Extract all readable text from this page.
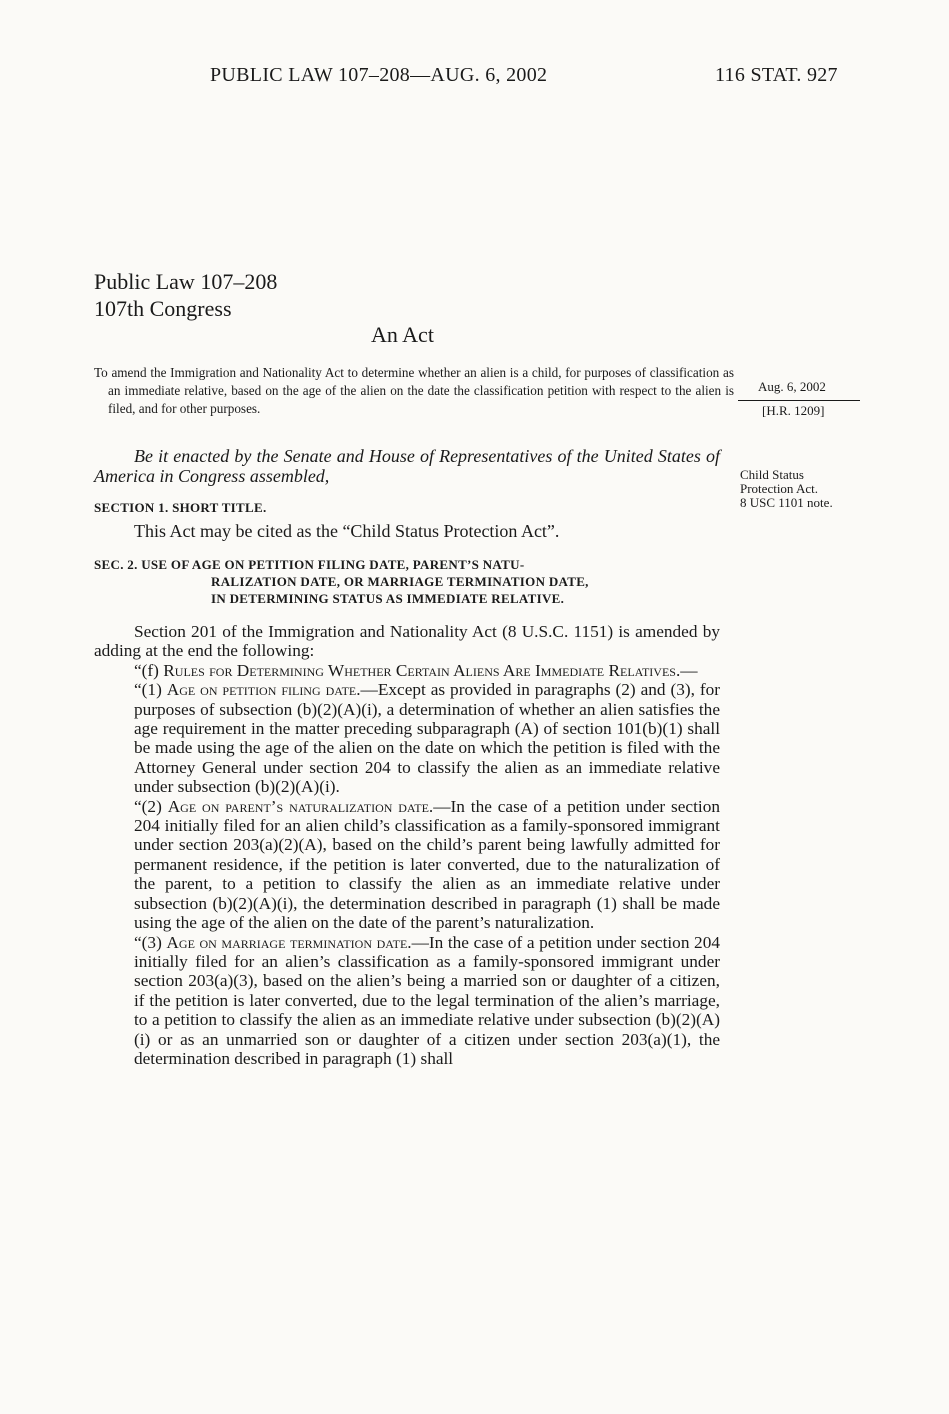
PUBLIC LAW 107–208—AUG. 6, 2002	116 STAT. 927
Public Law 107–208
107th Congress
An Act
To amend the Immigration and Nationality Act to determine whether an alien is a child, for purposes of classification as an immediate relative, based on the age of the alien on the date the classification petition with respect to the alien is filed, and for other purposes.
Aug. 6, 2002
[H.R. 1209]
Child Status
Protection Act.
8 USC 1101 note.
Be it enacted by the Senate and House of Representatives of the United States of America in Congress assembled,
SECTION 1. SHORT TITLE.
This Act may be cited as the “Child Status Protection Act”.
SEC. 2. USE OF AGE ON PETITION FILING DATE, PARENT’S NATU-
RALIZATION DATE, OR MARRIAGE TERMINATION DATE,
IN DETERMINING STATUS AS IMMEDIATE RELATIVE.

Section 201 of the Immigration and Nationality Act (8 U.S.C. 1151) is amended by adding at the end the following:

“(f) Rules for Determining Whether Certain Aliens Are Immediate Relatives.—

“(1) Age on petition filing date.—Except as provided in paragraphs (2) and (3), for purposes of subsection (b)(2)(A)(i), a determination of whether an alien satisfies the age requirement in the matter preceding subparagraph (A) of section 101(b)(1) shall be made using the age of the alien on the date on which the petition is filed with the Attorney General under section 204 to classify the alien as an immediate relative under subsection (b)(2)(A)(i).

“(2) Age on parent’s naturalization date.—In the case of a petition under section 204 initially filed for an alien child’s classification as a family-sponsored immigrant under section 203(a)(2)(A), based on the child’s parent being lawfully admitted for permanent residence, if the petition is later converted, due to the naturalization of the parent, to a petition to classify the alien as an immediate relative under subsection (b)(2)(A)(i), the determination described in paragraph (1) shall be made using the age of the alien on the date of the parent’s naturalization.

“(3) Age on marriage termination date.—In the case of a petition under section 204 initially filed for an alien’s classification as a family-sponsored immigrant under section 203(a)(3), based on the alien’s being a married son or daughter of a citizen, if the petition is later converted, due to the legal termination of the alien’s marriage, to a petition to classify the alien as an immediate relative under subsection (b)(2)(A)(i) or as an unmarried son or daughter of a citizen under section 203(a)(1), the determination described in paragraph (1) shall
